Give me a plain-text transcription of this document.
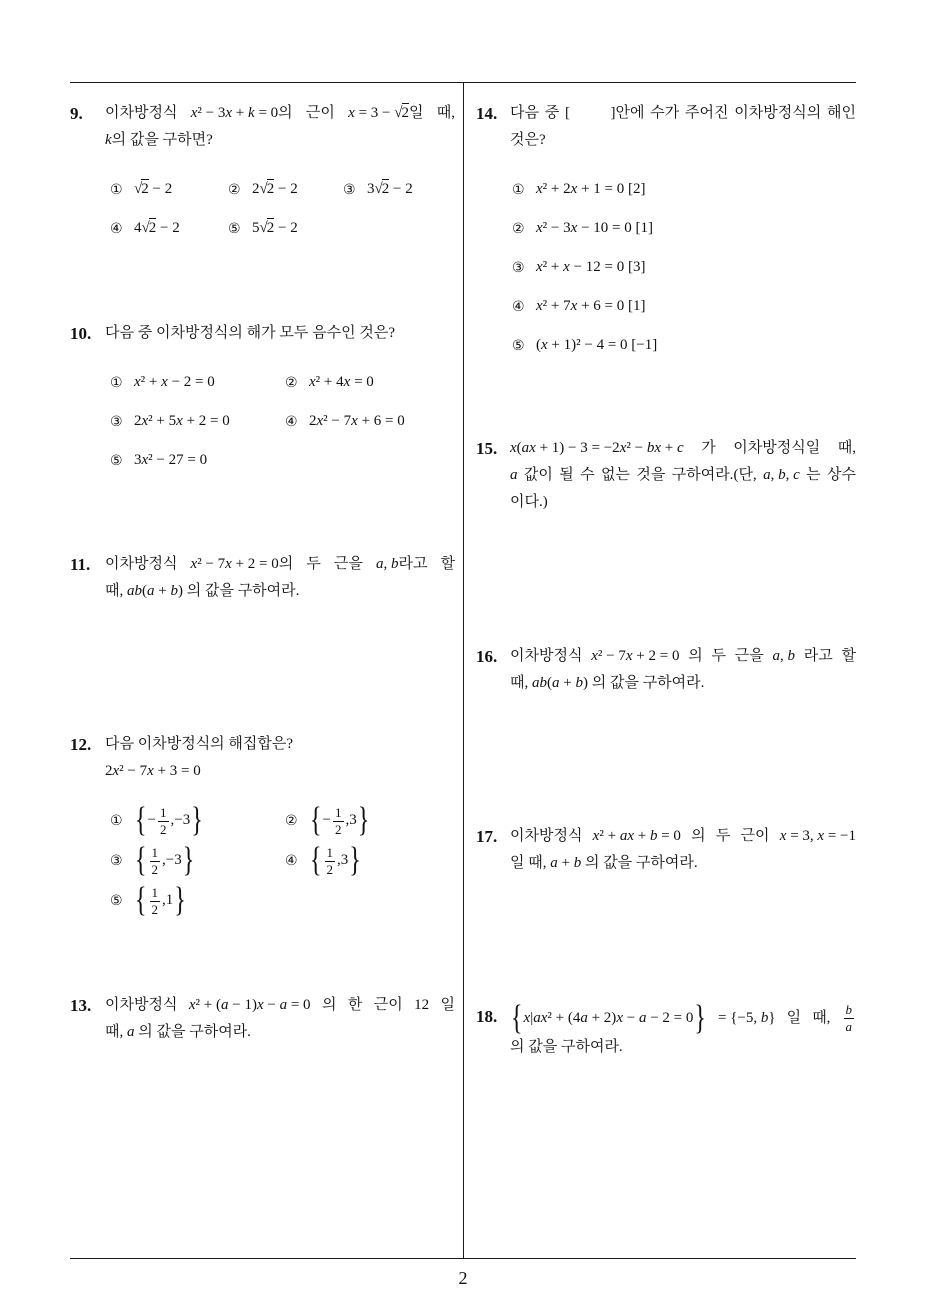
9. 이차방정식 x² − 3x + k = 0의 근이 x = 3 − √2일 때,
k의 값을 구하면?
① √2 − 2	② 2√2 − 2	③ 3√2 − 2
④ 4√2 − 2	⑤ 5√2 − 2
10. 다음 중 이차방정식의 해가 모두 음수인 것은?
① x² + x − 2 = 0	② x² + 4x = 0
③ 2x² + 5x + 2 = 0	④ 2x² − 7x + 6 = 0
⑤ 3x² − 27 = 0
11. 이차방정식 x² − 7x + 2 = 0의 두 근을 a, b라고 할
때, ab(a + b) 의 값을 구하여라.
12. 다음 이차방정식의 해집합은?
2x² − 7x + 3 = 0
① {− $\frac{1}{2} ,-3$}	② {− $\frac{1}{2} ,3$}
③ { $\frac{1}{2} ,-3$}	④ { $\frac{1}{2} ,3$}
⑤ { $\frac{1}{2} ,1$}
13. 이차방정식 x² + (a − 1)x − a = 0 의 한 근이 12 일
때, a 의 값을 구하여라.
14. 다음 중 [	]안에 수가 주어진 이차방정식의 해인
것은?
① x² + 2x + 1 = 0 [2]
② x² − 3x − 10 = 0 [1]
③ x² + x − 12 = 0 [3]
④ x² + 7x + 6 = 0 [1]
⑤ (x + 1)² − 4 = 0 [−1]
15. x(ax + 1) − 3 = −2x² − bx + c 가 이차방정식일 때,
a 값이 될 수 없는 것을 구하여라.(단, a, b, c 는 상수
이다.)
16. 이차방정식 x² − 7x + 2 = 0 의 두 근을 a, b 라고 할
때, ab(a + b) 의 값을 구하여라.
17. 이차방정식 x² + ax + b = 0 의 두 근이 x = 3, x = −1
일 때, a + b 의 값을 구하여라.
18. {x|ax² + (4a + 2)x − a − 2 = 0} = {−5, b} 일 때, $\frac{b}{a}$
의 값을 구하여라.
2
